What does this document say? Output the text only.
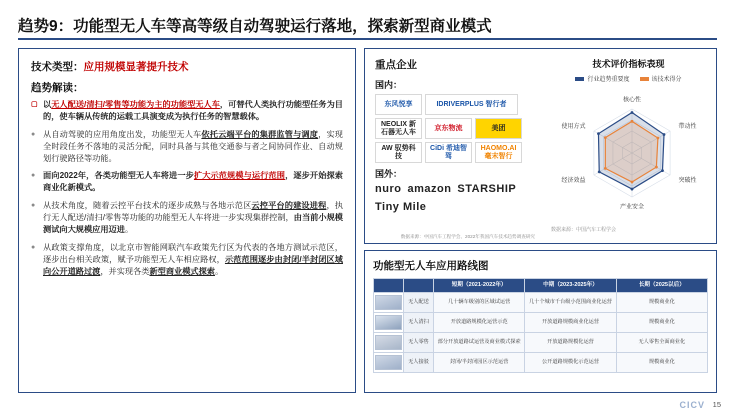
趋势9：功能型无人车等高等级自动驾驶运行落地，探索新型商业模式
技术类型：应用规模显著提升技术
趋势解读：
▢ 以无人配送/清扫/零售等功能为主的功能型无人车，可替代人类执行功能型任务为目的，使车辆从传统的运载工具演变成为执行任务的智慧载体。
● 从自动驾驶的应用角度出发，功能型无人车依托云端平台的集群监管与调度，实现全时段任务不落地的灵活分配，同时具备与其他交通参与者之间协同作业、自动规划行驶路径等功能。
● 面向2022年，各类功能型无人车将进一步扩大示范规模与运行范围，逐步开始探索商业化新模式。
● 从技术角度，随着云控平台技术的逐步成熟与各地示范区云控平台的建设进程，执行无人配送/清扫/零售等功能的功能型无人车将进一步实现集群控制，由当前小规模测试向大规模应用迈进。
● 从政策支撑角度，以北京市智能网联汽车政策先行区为代表的各地方测试示范区，逐步出台相关政策，赋予功能型无人车相应路权，示范范围逐步由封闭/半封闭区域向公开道路过渡，并实现各类新型商业模式探索。
重点企业
国内：
东风悦享	IDRIVERPLUS 智行者
NEOLIX 新石器无人车
京东物流	美团
AW 驭势科技
CiDi 希迪智驾
HAOMO.AI 毫末智行
国外：
nuro amazon STARSHIP
Tiny Mile
数据来源：中国汽车工程学会、2022年我国汽车技术趋势调查研究
技术评价指标表现
行业趋势重要度	该技术得分
核心性
带动性
突破性
产业安全
经济效益
使用方式
数据来源：中国汽车工程学会
功能型无人车应用路线图
		短期（2021-2022年）	中期（2023-2025年）	长期（2025以后）

	无人配送	几十辆车级别的区域试运营	几十个城市千台级小范围商业化运营	规模商业化

	无人清扫	开放道路规模化运营示范	开放道路规模商业化运营	规模商业化

	无人零售	部分开放道路试运营及商业模式探索	开放道路规模化运营	无人零售全面商业化

	无人接驳	封闭/半封闭园区示范运营	公开道路规模化示范运营	规模商业化
CICV 15
